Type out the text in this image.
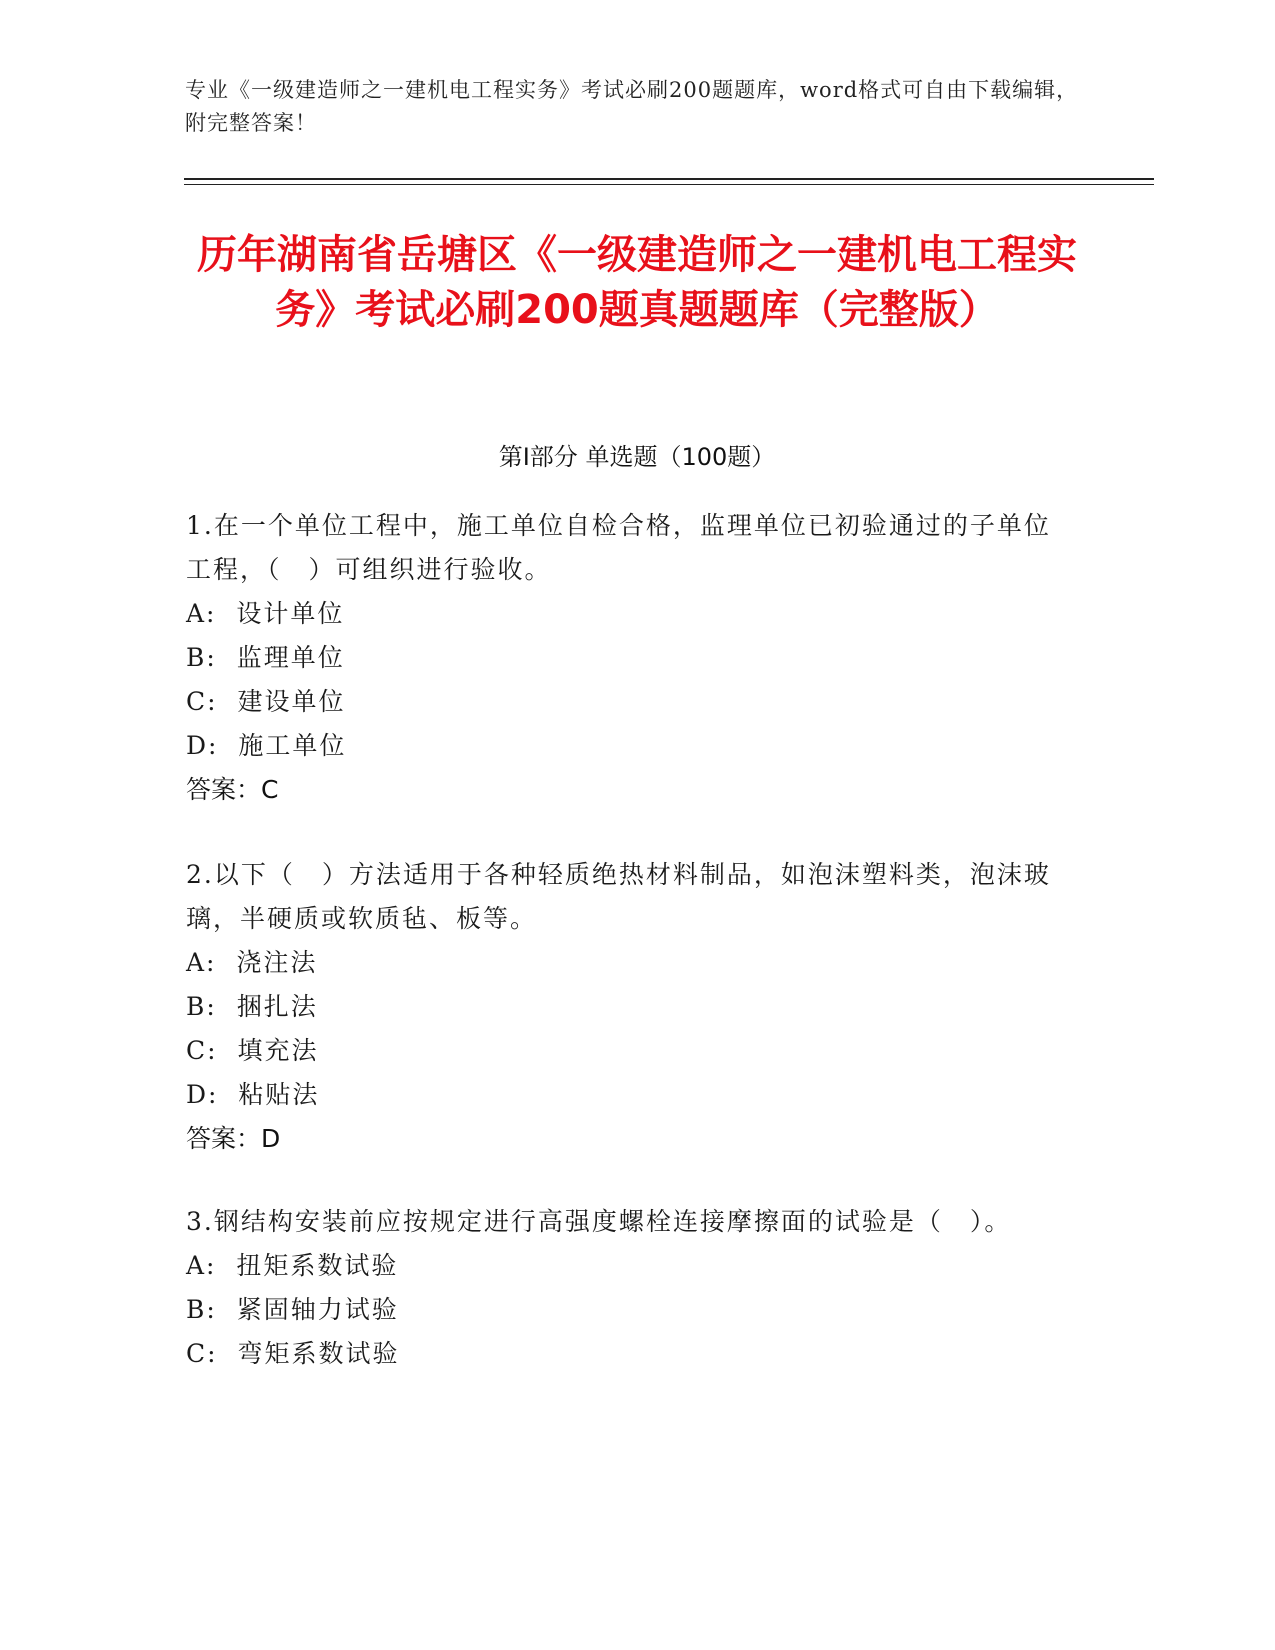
专业《一级建造师之一建机电工程实务》考试必刷200题题库，word格式可自由下载编辑，附完整答案！
历年湖南省岳塘区《一级建造师之一建机电工程实务》考试必刷200题真题题库（完整版）
第Ⅰ部分 单选题（100题）
1.在一个单位工程中，施工单位自检合格，监理单位已初验通过的子单位工程，（　）可组织进行验收。
A:  设计单位
B:  监理单位
C:  建设单位
D:  施工单位
答案：C
2.以下（　）方法适用于各种轻质绝热材料制品，如泡沫塑料类，泡沫玻璃，半硬质或软质毡、板等。
A:  浇注法
B:  捆扎法
C:  填充法
D:  粘贴法
答案：D
3.钢结构安装前应按规定进行高强度螺栓连接摩擦面的试验是（　）。
A:  扭矩系数试验
B:  紧固轴力试验
C:  弯矩系数试验
